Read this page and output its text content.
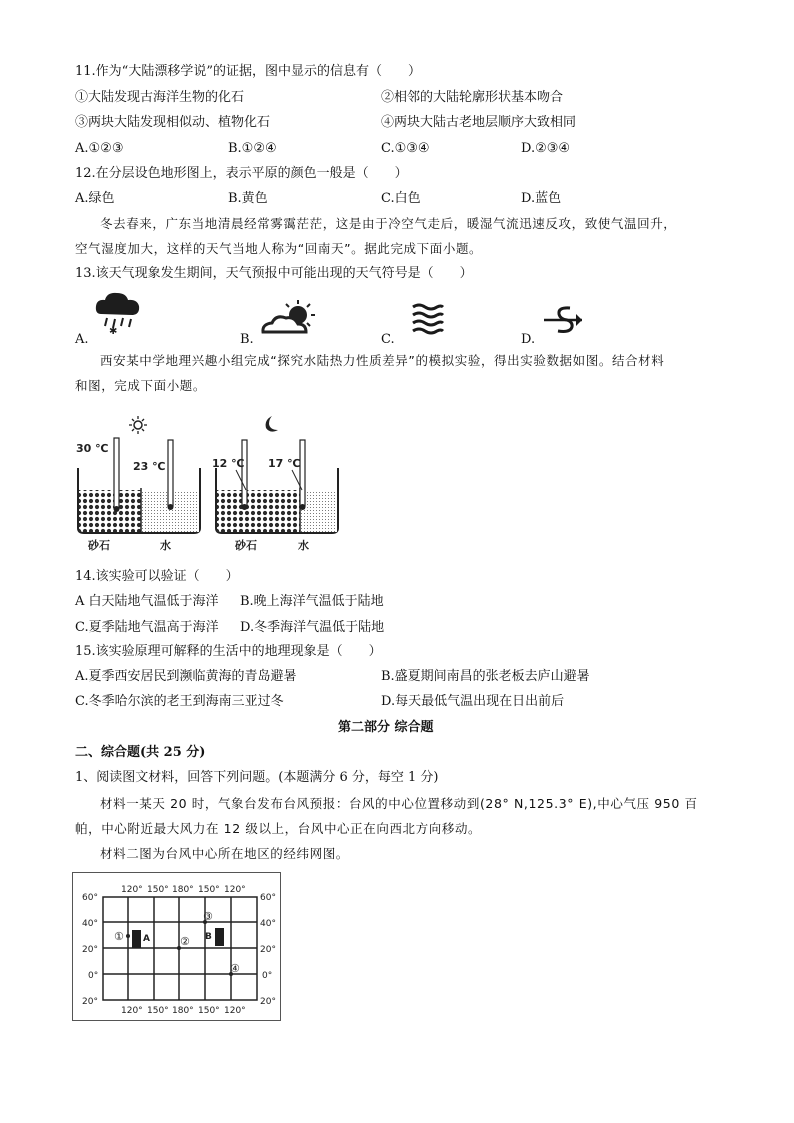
11.作为“大陆漂移学说”的证据，图中显示的信息有（　　）
①大陆发现古海洋生物的化石	②相邻的大陆轮廓形状基本吻合
③两块大陆发现相似动、植物化石	④两块大陆古老地层顺序大致相同
A.①②③	B.①②④	C.①③④	D.②③④
12.在分层设色地形图上，表示平原的颜色一般是（　　）
A.绿色	B.黄色	C.白色	D.蓝色
冬去春来，广东当地清晨经常雾霭茫茫，这是由于冷空气走后，暖湿气流迅速反攻，致使气温回升，
空气湿度加大，这样的天气当地人称为“回南天”。据此完成下面小题。
13.该天气现象发生期间，天气预报中可能出现的天气符号是（　　）
A.	B.	C.	D.
✱
西安某中学地理兴趣小组完成“探究水陆热力性质差异”的模拟实验，得出实验数据如图。结合材料
和图，完成下面小题。
30 ℃
23 ℃
砂石	水
12 ℃ 17 ℃
砂石	水
14.该实验可以验证（　　）
A 白天陆地气温低于海洋 B.晚上海洋气温低于陆地
C.夏季陆地气温高于海洋 D.冬季海洋气温低于陆地
15.该实验原理可解释的生活中的地理现象是（　　）
A.夏季西安居民到濒临黄海的青岛避暑	B.盛夏期间南昌的张老板去庐山避暑
C.冬季哈尔滨的老王到海南三亚过冬	D.每天最低气温出现在日出前后
第二部分 综合题
二、综合题(共 25 分)
1、阅读图文材料，回答下列问题。(本题满分 6 分，每空 1 分)
材料一某天 20 时，气象台发布台风预报：台风的中心位置移动到(28° N,125.3° E),中心气压 950 百
帕，中心附近最大风力在 12 级以上，台风中心正在向西北方向移动。
材料二图为台风中心所在地区的经纬网图。
120° 150° 180° 150° 120°
120° 150° 180° 150° 120°
60°
40°
20°
0°
20°
60°
40°
20°
0°
20°
A	B
①	②
③
④
